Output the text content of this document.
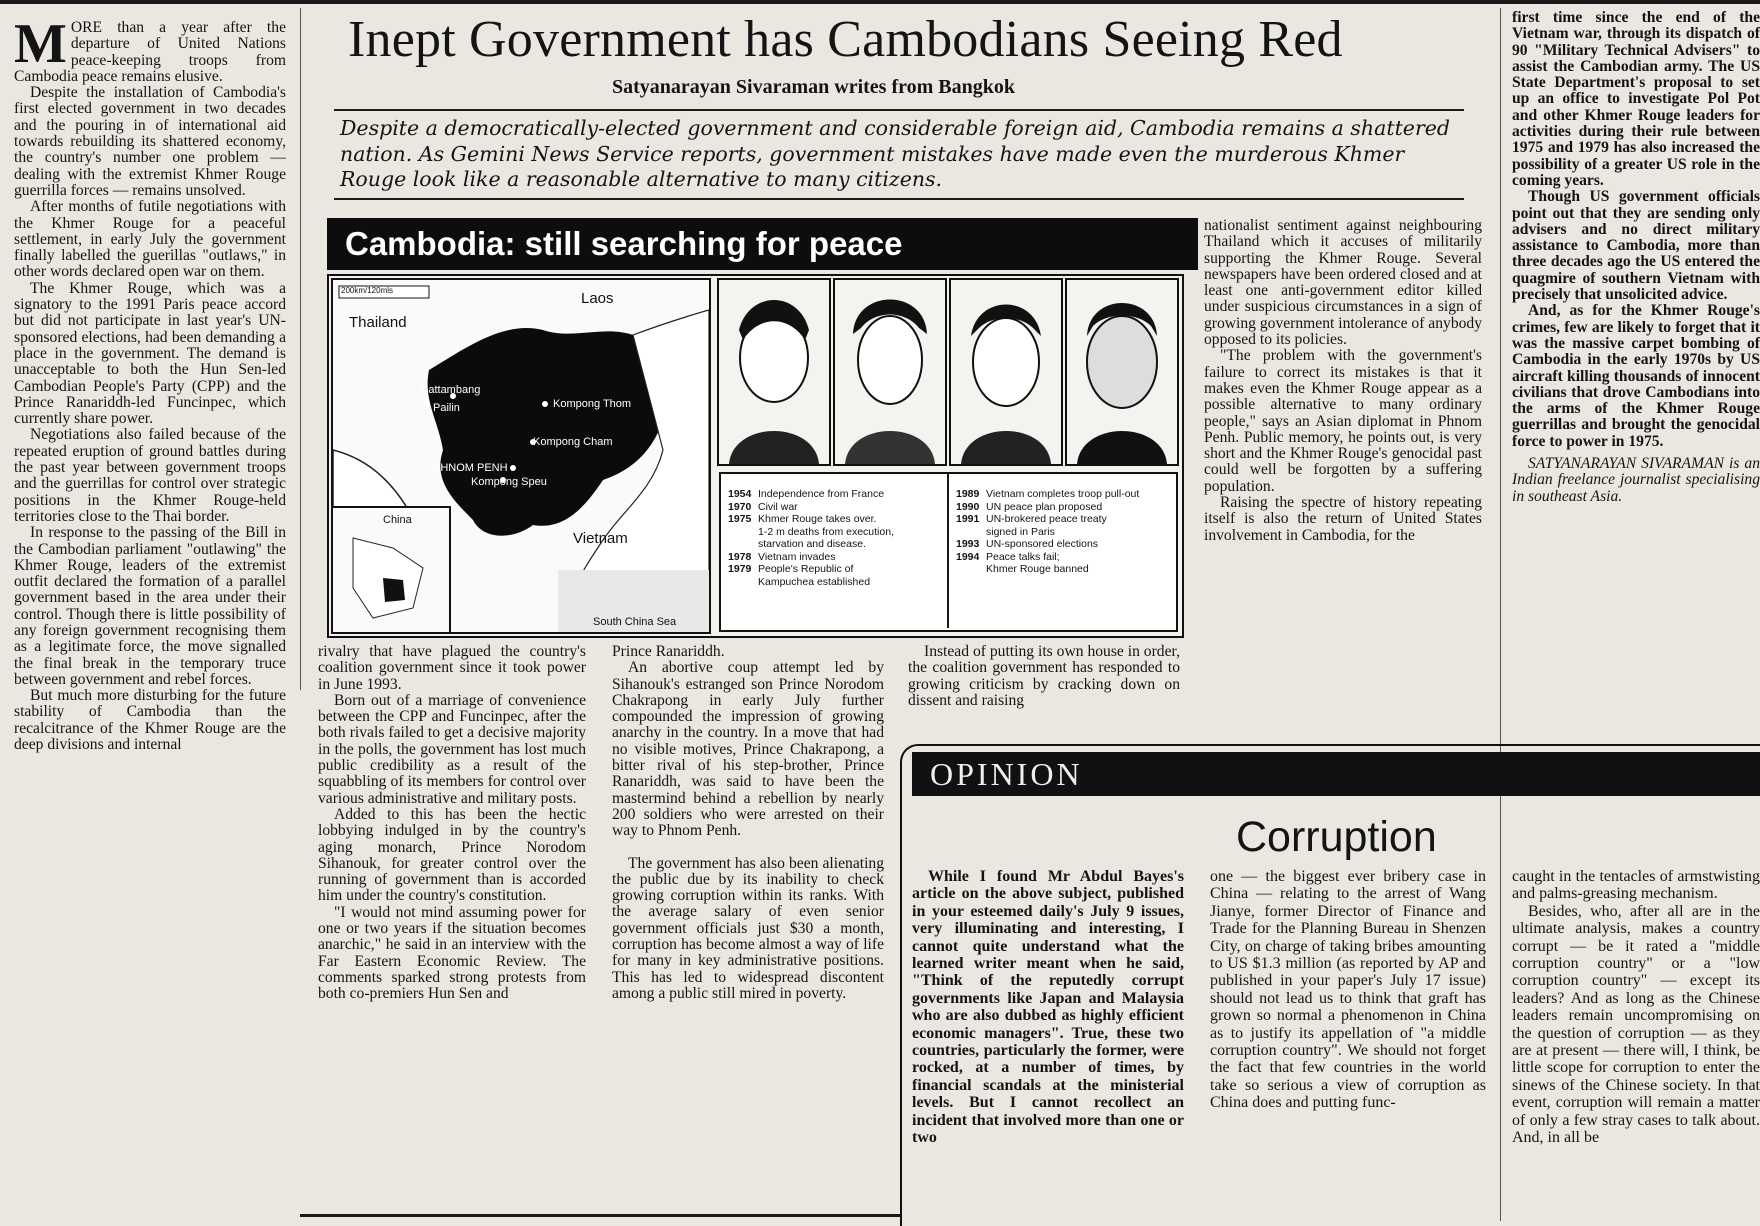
MORE than a year after the departure of United Nations peace-keeping troops from Cambodia peace remains elusive.

Despite the installation of Cambodia's first elected government in two decades and the pouring in of international aid towards rebuilding its shattered economy, the country's number one problem — dealing with the extremist Khmer Rouge guerrilla forces — remains unsolved.

After months of futile negotiations with the Khmer Rouge for a peaceful settlement, in early July the government finally labelled the guerillas "outlaws," in other words declared open war on them.

The Khmer Rouge, which was a signatory to the 1991 Paris peace accord but did not participate in last year's UN-sponsored elections, had been demanding a place in the government. The demand is unacceptable to both the Hun Sen-led Cambodian People's Party (CPP) and the Prince Ranariddh-led Funcinpec, which currently share power.

Negotiations also failed because of the repeated eruption of ground battles during the past year between government troops and the guerrillas for control over strategic positions in the Khmer Rouge-held territories close to the Thai border.

In response to the passing of the Bill in the Cambodian parliament "outlawing" the Khmer Rouge, leaders of the extremist outfit declared the formation of a parallel government based in the area under their control. Though there is little possibility of any foreign government recognising them as a legitimate force, the move signalled the final break in the temporary truce between government and rebel forces.

But much more disturbing for the future stability of Cambodia than the recalcitrance of the Khmer Rouge are the deep divisions and internal

Inept Government has Cambodians Seeing Red
Satyanarayan Sivaraman writes from Bangkok
Despite a democratically-elected government and considerable foreign aid, Cambodia remains a shattered nation. As Gemini News Service reports, government mistakes have made even the murderous Khmer Rouge look like a reasonable alternative to many citizens.
Cambodia: still searching for peace
200km/120mls
Thailand
Laos
Battambang
Pailin	Kompong Thom
Kompong Cham
PHNOM PENH
Kompong Speu
Vietnam
South China Sea
China
1954 Independence from France
1970 Civil war
1975 Khmer Rouge takes over.
1-2 m deaths from execution,
starvation and disease.
1978 Vietnam invades
1979 People's Republic of
Kampuchea established
1989 Vietnam completes troop pull-out
1990 UN peace plan proposed
1991 UN-brokered peace treaty
signed in Paris
1993 UN-sponsored elections
1994 Peace talks fail;
Khmer Rouge banned

rivalry that have plagued the country's coalition government since it took power in June 1993.

Born out of a marriage of convenience between the CPP and Funcinpec, after the both rivals failed to get a decisive majority in the polls, the government has lost much public credibility as a result of the squabbling of its members for control over various administrative and military posts.

Added to this has been the hectic lobbying indulged in by the country's aging monarch, Prince Norodom Sihanouk, for greater control over the running of government than is accorded him under the country's constitution.

"I would not mind assuming power for one or two years if the situation becomes anarchic," he said in an interview with the Far Eastern Economic Review. The comments sparked strong protests from both co-premiers Hun Sen and

Prince Ranariddh.

An abortive coup attempt led by Sihanouk's estranged son Prince Norodom Chakrapong in early July further compounded the impression of growing anarchy in the country. In a move that had no visible motives, Prince Chakrapong, a bitter rival of his step-brother, Prince Ranariddh, was said to have been the mastermind behind a rebellion by nearly 200 soldiers who were arrested on their way to Phnom Penh.

The government has also been alienating the public due by its inability to check growing corruption within its ranks. With the average salary of even senior government officials just $30 a month, corruption has become almost a way of life for many in key administrative positions. This has led to widespread discontent among a public still mired in poverty.

Instead of putting its own house in order, the coalition government has responded to growing criticism by cracking down on dissent and raising

nationalist sentiment against neighbouring Thailand which it accuses of militarily supporting the Khmer Rouge. Several newspapers have been ordered closed and at least one anti-government editor killed under suspicious circumstances in a sign of growing government intolerance of anybody opposed to its policies.

"The problem with the government's failure to correct its mistakes is that it makes even the Khmer Rouge appear as a possible alternative to many ordinary people," says an Asian diplomat in Phnom Penh. Public memory, he points out, is very short and the Khmer Rouge's genocidal past could well be forgotten by a suffering population.

Raising the spectre of history repeating itself is also the return of United States involvement in Cambodia, for the

first time since the end of the Vietnam war, through its dispatch of 90 "Military Technical Advisers" to assist the Cambodian army. The US State Department's proposal to set up an office to investigate Pol Pot and other Khmer Rouge leaders for activities during their rule between 1975 and 1979 has also increased the possibility of a greater US role in the coming years.

Though US government officials point out that they are sending only advisers and no direct military assistance to Cambodia, more than three decades ago the US entered the quagmire of southern Vietnam with precisely that unsolicited advice.

And, as for the Khmer Rouge's crimes, few are likely to forget that it was the massive carpet bombing of Cambodia in the early 1970s by US aircraft killing thousands of innocent civilians that drove Cambodians into the arms of the Khmer Rouge guerrillas and brought the genocidal force to power in 1975.

SATYANARAYAN SIVARAMAN is an Indian freelance journalist specialising in southeast Asia.

OPINION
Corruption

While I found Mr Abdul Bayes's article on the above subject, published in your esteemed daily's July 9 issues, very illuminating and interesting, I cannot quite understand what the learned writer meant when he said, "Think of the reputedly corrupt governments like Japan and Malaysia who are also dubbed as highly efficient economic managers". True, these two countries, particularly the former, were rocked, at a number of times, by financial scandals at the ministerial levels. But I cannot recollect an incident that involved more than one or two

one — the biggest ever bribery case in China — relating to the arrest of Wang Jianye, former Director of Finance and Trade for the Planning Bureau in Shenzen City, on charge of taking bribes amounting to US $1.3 million (as reported by AP and published in your paper's July 17 issue) should not lead us to think that graft has grown so normal a phenomenon in China as to justify its appellation of "a middle corruption country". We should not forget the fact that few countries in the world take so serious a view of corruption as China does and putting func-

caught in the tentacles of armstwisting and palms-greasing mechanism.

Besides, who, after all are in the ultimate analysis, makes a country corrupt — be it rated a "middle corruption country" or a "low corruption country" — except its leaders? And as long as the Chinese leaders remain uncompromising on the question of corruption — as they are at present — there will, I think, be little scope for corruption to enter the sinews of the Chinese society. In that event, corruption will remain a matter of only a few stray cases to talk about. And, in all be
